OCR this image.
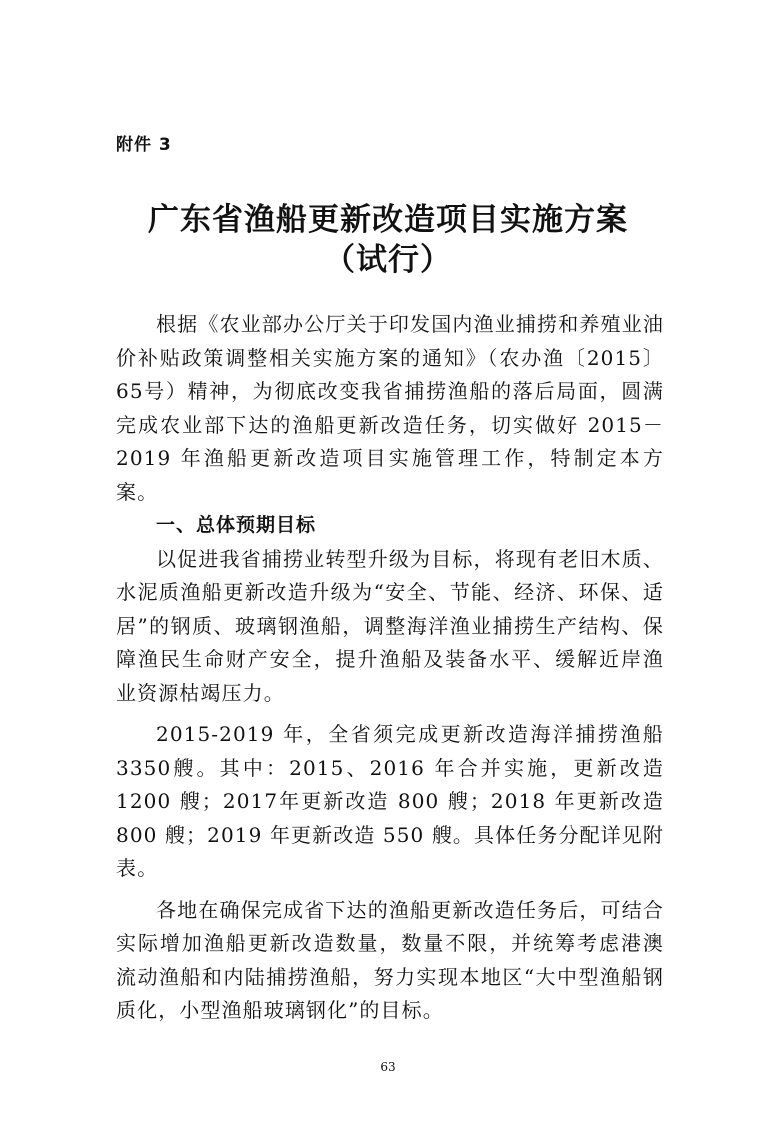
附件 3
广东省渔船更新改造项目实施方案
（试行）

根据《农业部办公厅关于印发国内渔业捕捞和养殖业油价补贴政策调整相关实施方案的通知》（农办渔〔2015〕65号）精神，为彻底改变我省捕捞渔船的落后局面，圆满完成农业部下达的渔船更新改造任务，切实做好 2015－2019 年渔船更新改造项目实施管理工作，特制定本方案。

一、总体预期目标

以促进我省捕捞业转型升级为目标，将现有老旧木质、水泥质渔船更新改造升级为“安全、节能、经济、环保、适居”的钢质、玻璃钢渔船，调整海洋渔业捕捞生产结构、保障渔民生命财产安全，提升渔船及装备水平、缓解近岸渔业资源枯竭压力。

2015-2019 年，全省须完成更新改造海洋捕捞渔船 3350艘。其中：2015、2016 年合并实施，更新改造 1200 艘；2017年更新改造 800 艘；2018 年更新改造 800 艘；2019 年更新改造 550 艘。具体任务分配详见附表。

各地在确保完成省下达的渔船更新改造任务后，可结合实际增加渔船更新改造数量，数量不限，并统筹考虑港澳流动渔船和内陆捕捞渔船，努力实现本地区“大中型渔船钢质化，小型渔船玻璃钢化”的目标。

63
